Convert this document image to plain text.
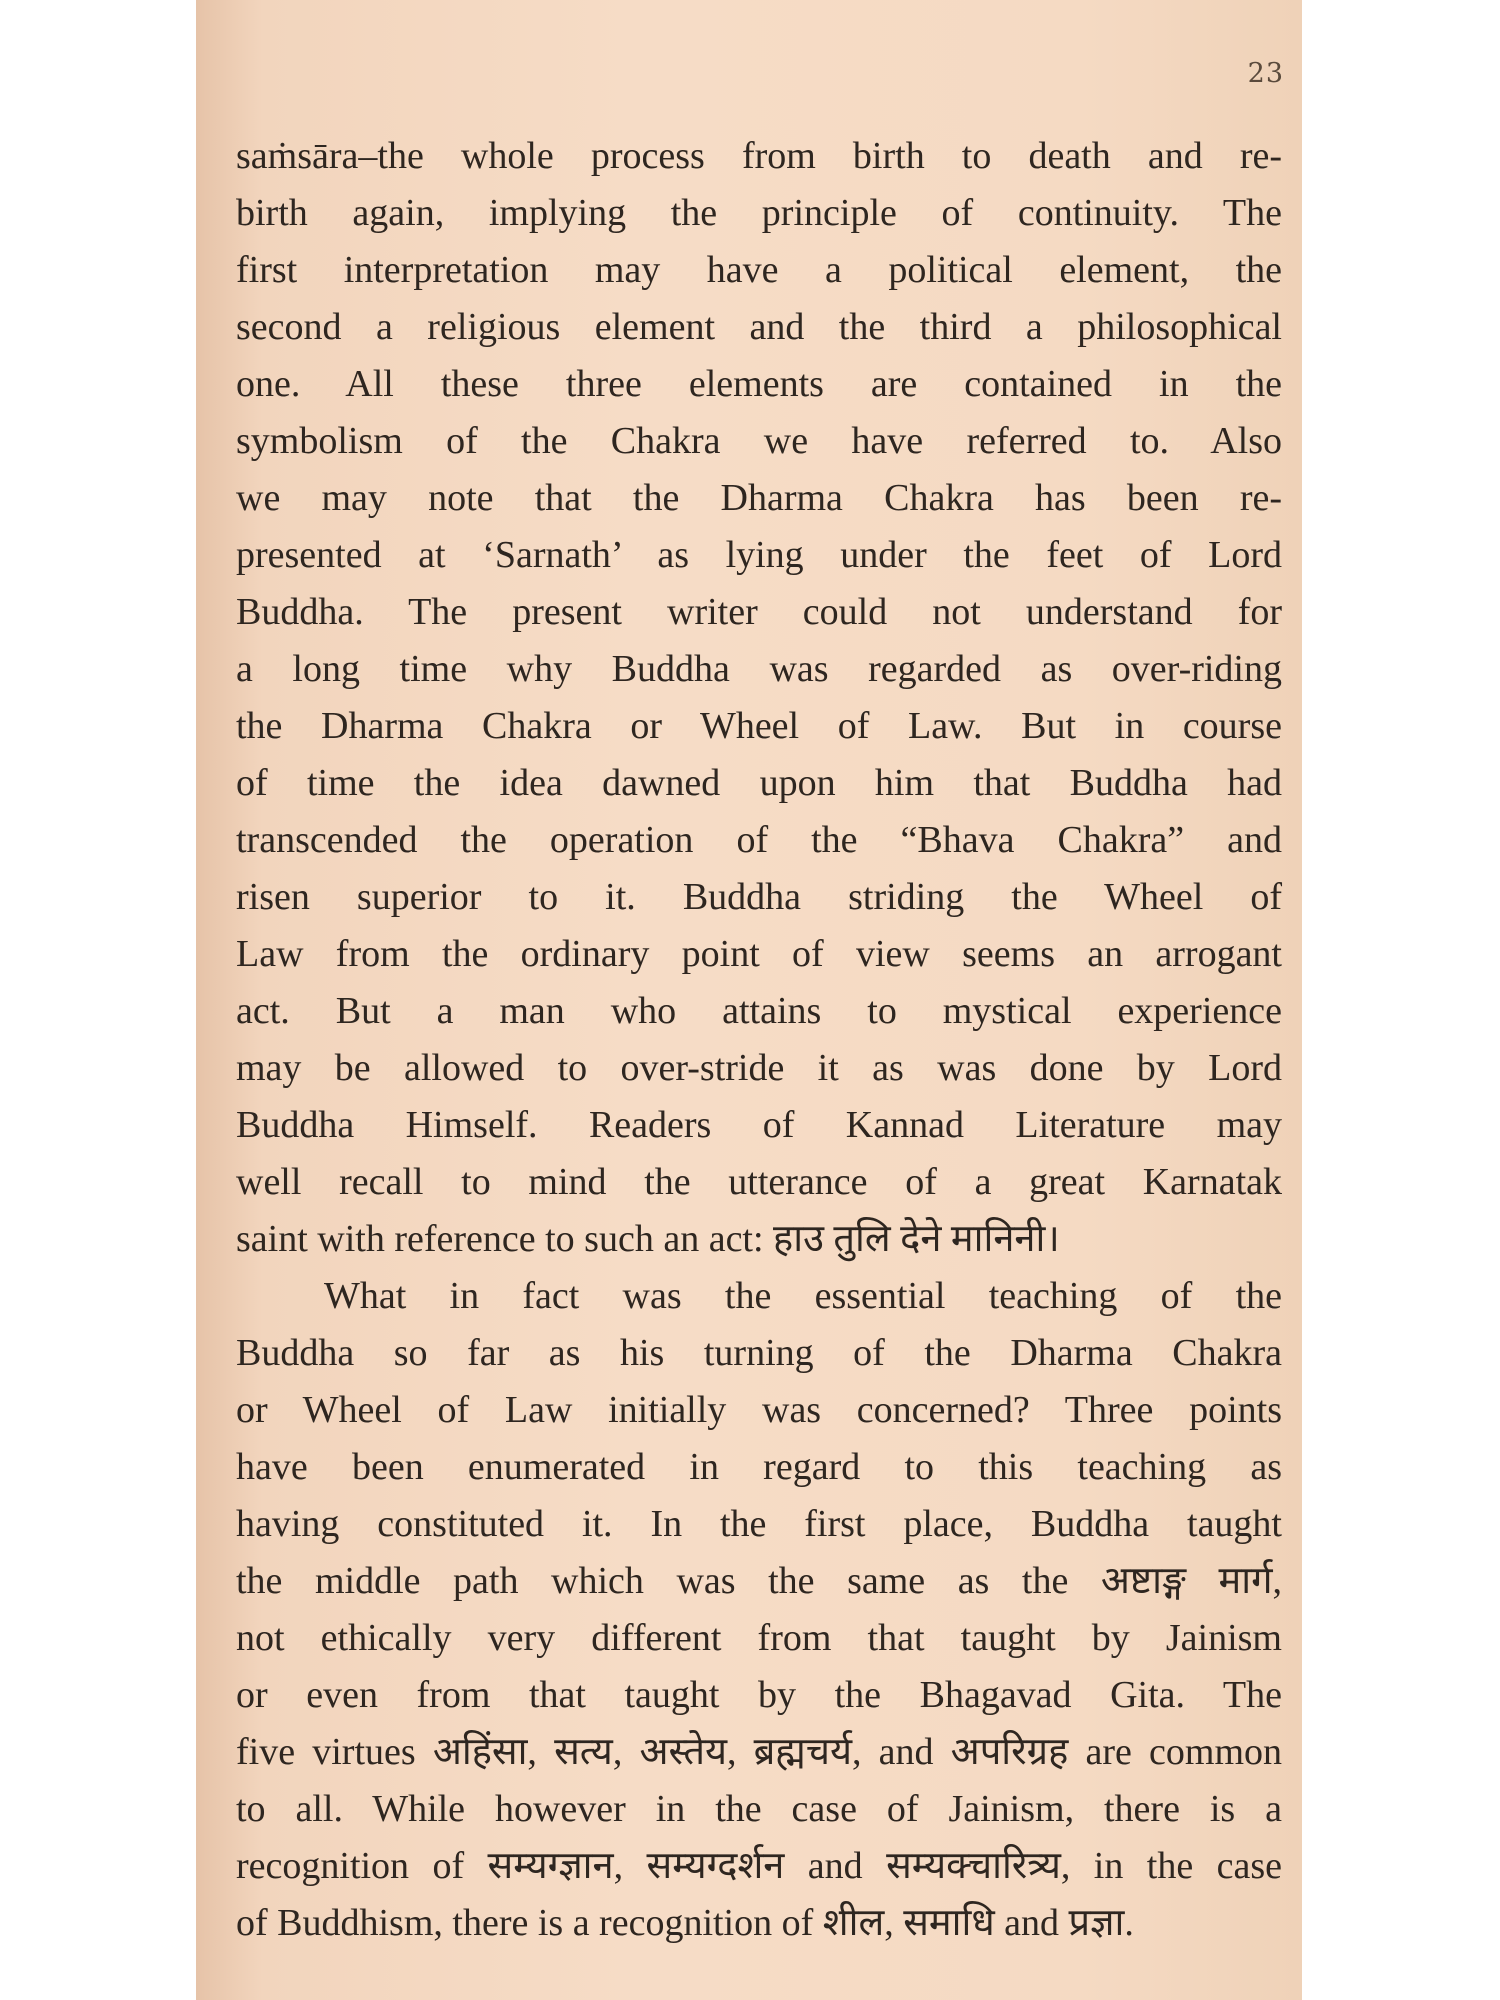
23
saṁsāra–the whole process from birth to death and re-
birth again, implying the principle of continuity. The
first interpretation may have a political element, the
second a religious element and the third a philosophical
one. All these three elements are contained in the
symbolism of the Chakra we have referred to. Also
we may note that the Dharma Chakra has been re-
presented at ‘Sarnath’ as lying under the feet of Lord
Buddha. The present writer could not understand for
a long time why Buddha was regarded as over-riding
the Dharma Chakra or Wheel of Law. But in course
of time the idea dawned upon him that Buddha had
transcended the operation of the “Bhava Chakra” and
risen superior to it. Buddha striding the Wheel of
Law from the ordinary point of view seems an arrogant
act. But a man who attains to mystical experience
may be allowed to over-stride it as was done by Lord
Buddha Himself. Readers of Kannad Literature may
well recall to mind the utterance of a great Karnatak
saint with reference to such an act: हाउ तुलि देने मानिनी।
What in fact was the essential teaching of the
Buddha so far as his turning of the Dharma Chakra
or Wheel of Law initially was concerned? Three points
have been enumerated in regard to this teaching as
having constituted it. In the first place, Buddha taught
the middle path which was the same as the अष्टाङ्ग मार्ग,
not ethically very different from that taught by Jainism
or even from that taught by the Bhagavad Gita. The
five virtues अहिंसा, सत्य, अस्तेय, ब्रह्मचर्य, and अपरिग्रह are common
to all. While however in the case of Jainism, there is a
recognition of सम्यग्ज्ञान, सम्यग्दर्शन and सम्यक्चारित्र्य, in the case
of Buddhism, there is a recognition of शील, समाधि and प्रज्ञा.
